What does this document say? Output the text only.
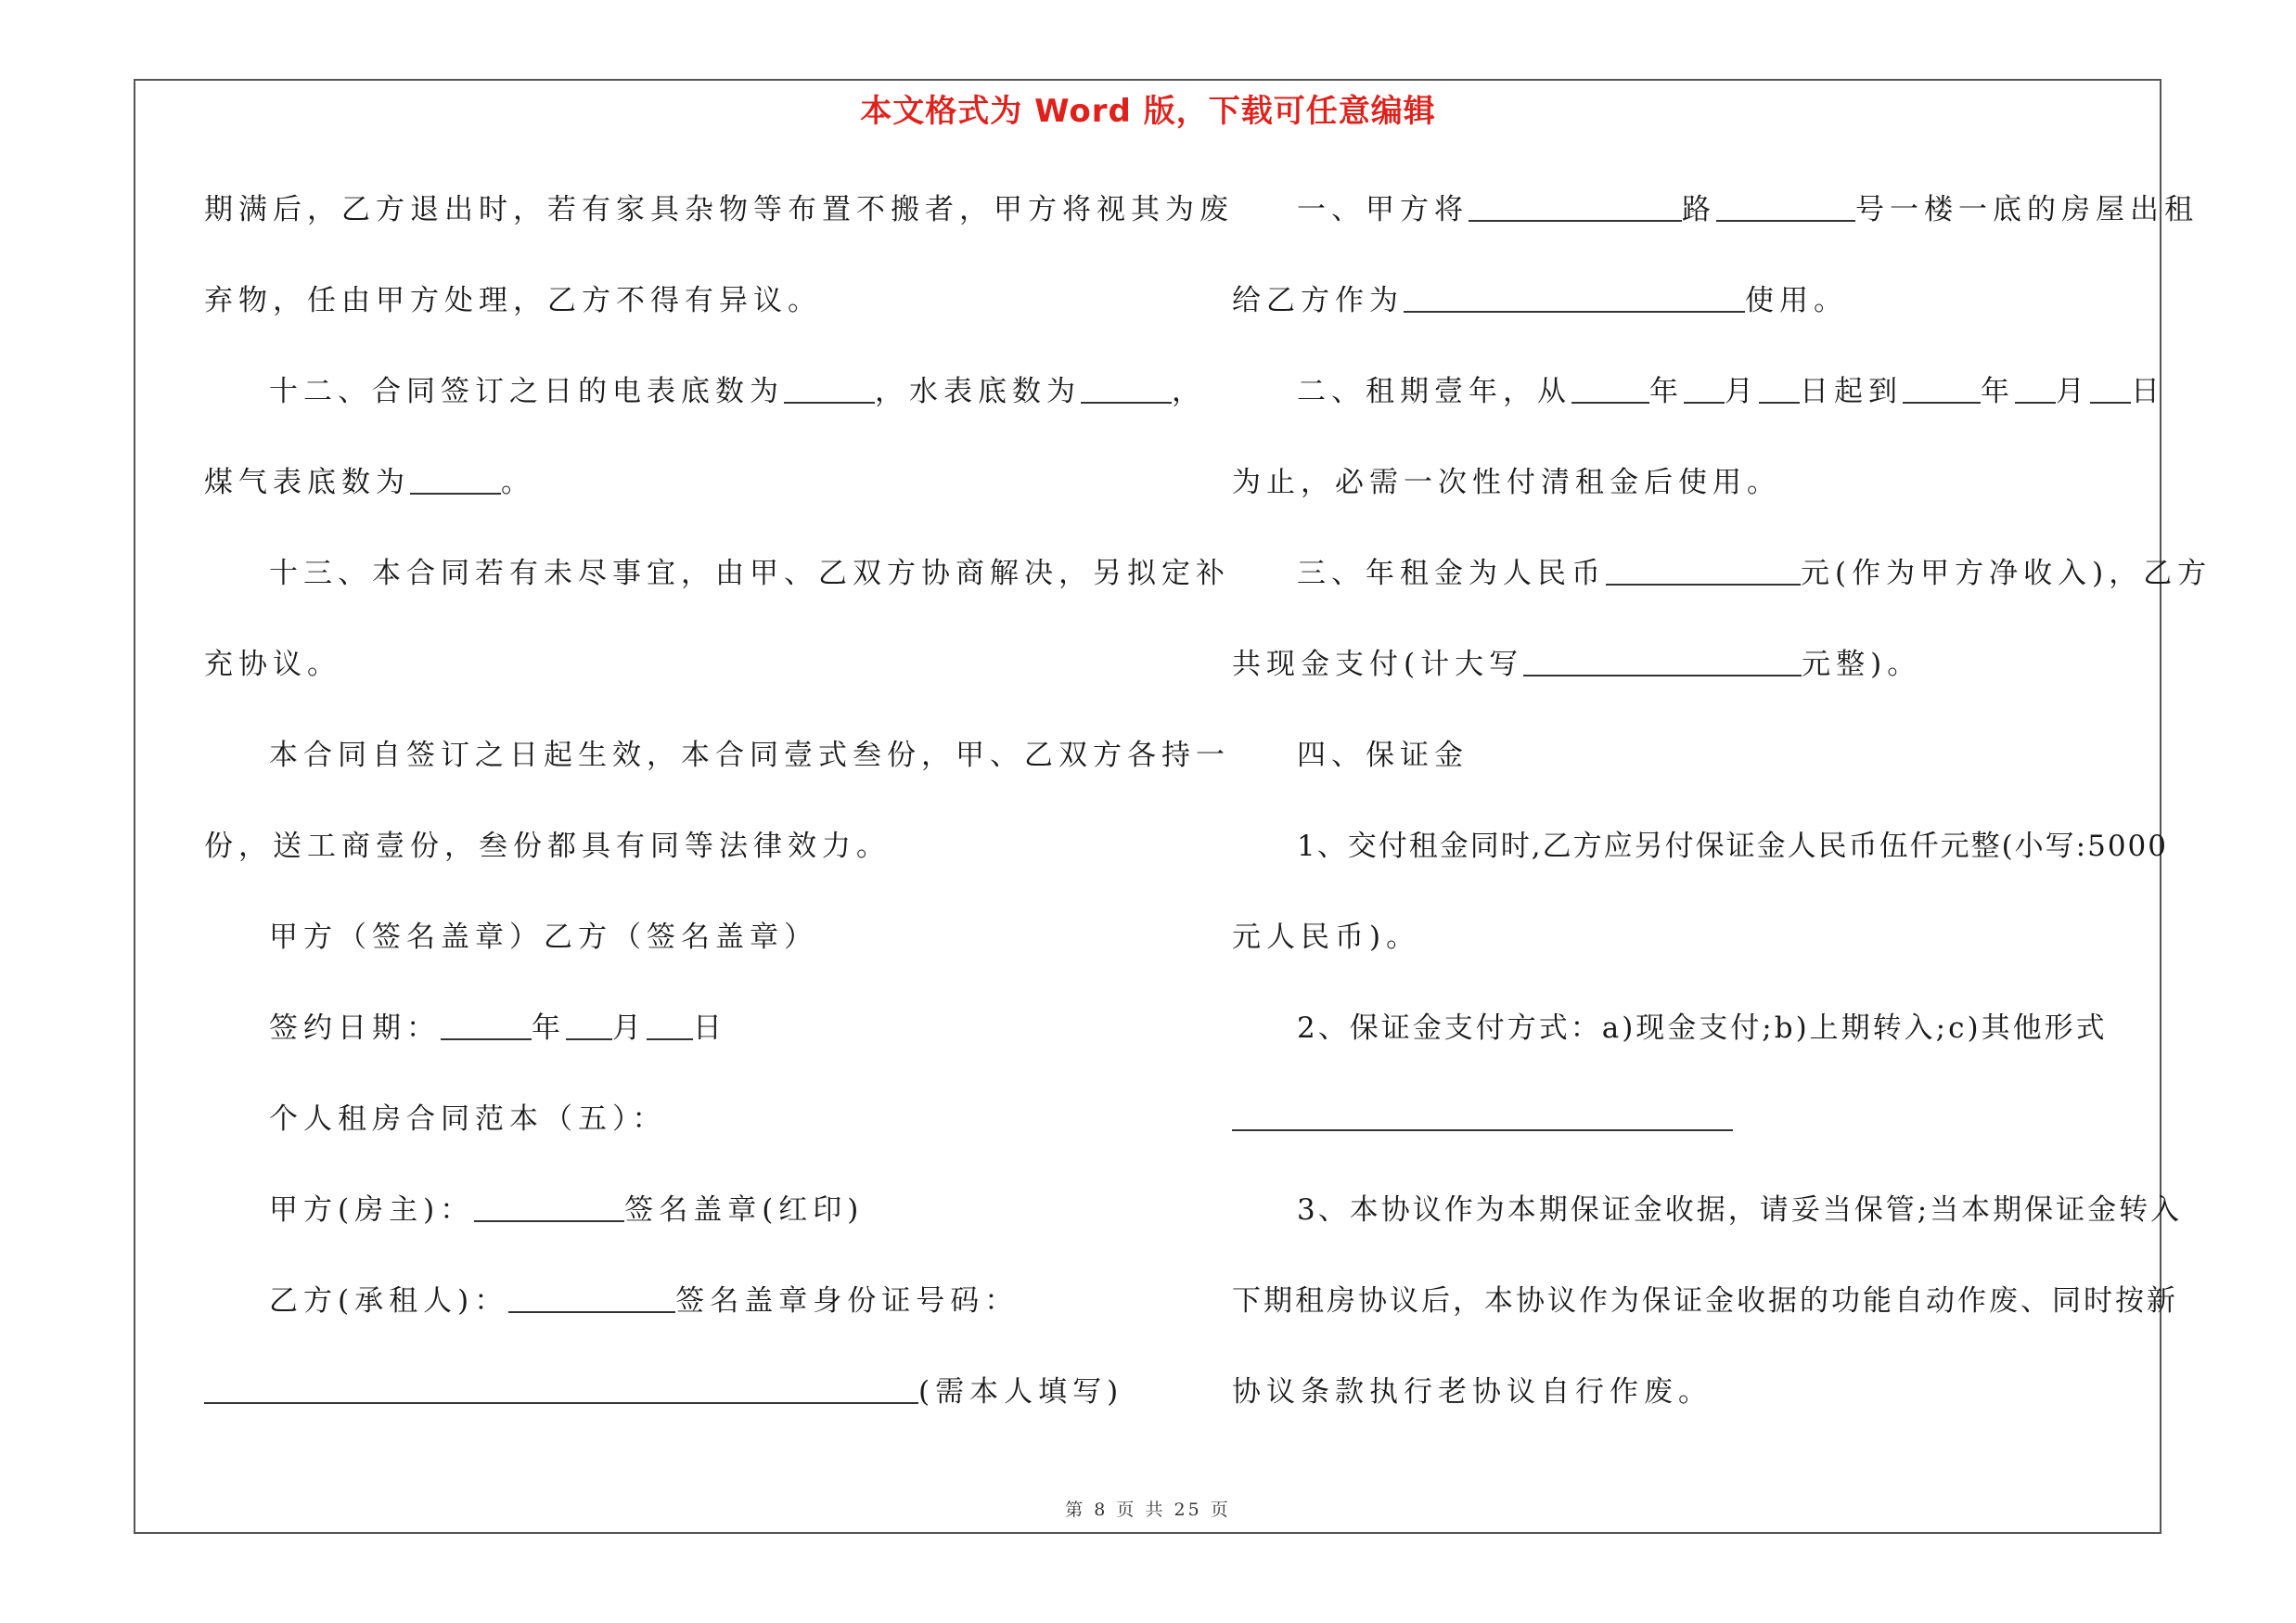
本文格式为 Word 版，下载可任意编辑
期满后，乙方退出时，若有家具杂物等布置不搬者，甲方将视其为废
弃物，任由甲方处理，乙方不得有异议。
十二、合同签订之日的电表底数为	，水表底数为	，
煤气表底数为	。
十三、本合同若有未尽事宜，由甲、乙双方协商解决，另拟定补
充协议。
本合同自签订之日起生效，本合同壹式叁份，甲、乙双方各持一
份，送工商壹份，叁份都具有同等法律效力。
甲方（签名盖章）乙方（签名盖章）
签约日期：	年 月 日
个人租房合同范本（五）：
甲方(房主)：	签名盖章(红印)
乙方(承租人)：	签名盖章身份证号码：
(需本人填写)
一、甲方将	路	号一楼一底的房屋出租
给乙方作为	使用。
二、租期壹年，从	年 月 日起到	年 月 日
为止，必需一次性付清租金后使用。
三、年租金为人民币	元(作为甲方净收入)，乙方
共现金支付(计大写	元整)。
四、保证金
1、交付租金同时,乙方应另付保证金人民币伍仟元整(小写:5000
元人民币)。
2、保证金支付方式：a)现金支付;b)上期转入;c)其他形式
3、本协议作为本期保证金收据，请妥当保管;当本期保证金转入
下期租房协议后，本协议作为保证金收据的功能自动作废、同时按新
协议条款执行老协议自行作废。
第 8 页 共 25 页
